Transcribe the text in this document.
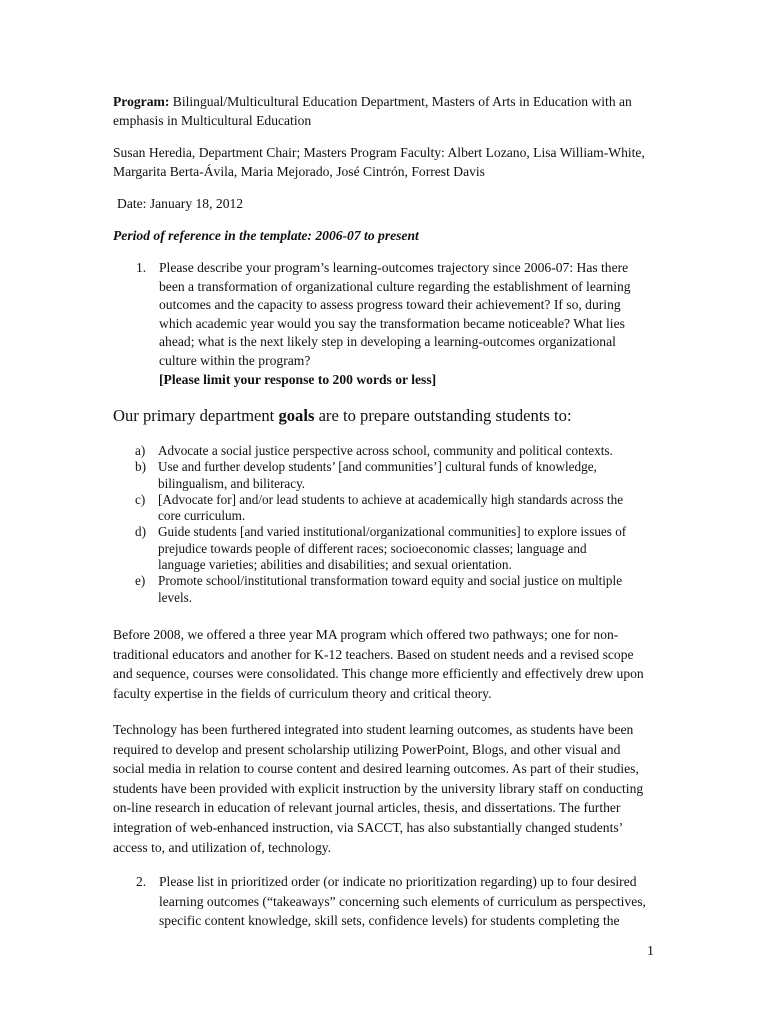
Program: Bilingual/Multicultural Education Department, Masters of Arts in Education with an
emphasis in Multicultural Education
Susan Heredia, Department Chair; Masters Program Faculty: Albert Lozano, Lisa William-White,
Margarita Berta-Ávila, Maria Mejorado, José Cintrón, Forrest Davis
Date: January 18, 2012
Period of reference in the template: 2006-07 to present
1. Please describe your program’s learning-outcomes trajectory since 2006-07: Has there
been a transformation of organizational culture regarding the establishment of learning
outcomes and the capacity to assess progress toward their achievement? If so, during
which academic year would you say the transformation became noticeable? What lies
ahead; what is the next likely step in developing a learning-outcomes organizational
culture within the program?
[Please limit your response to 200 words or less]
Our primary department goals are to prepare outstanding students to:
a) Advocate a social justice perspective across school, community and political contexts.
b) Use and further develop students’ [and communities’] cultural funds of knowledge,
bilingualism, and biliteracy.
c) [Advocate for] and/or lead students to achieve at academically high standards across the
core curriculum.
d) Guide students [and varied institutional/organizational communities] to explore issues of
prejudice towards people of different races; socioeconomic classes; language and
language varieties; abilities and disabilities; and sexual orientation.
e) Promote school/institutional transformation toward equity and social justice on multiple
levels.
Before 2008, we offered a three year MA program which offered two pathways; one for non-
traditional educators and another for K-12 teachers. Based on student needs and a revised scope
and sequence, courses were consolidated. This change more efficiently and effectively drew upon
faculty expertise in the fields of curriculum theory and critical theory.
Technology has been furthered integrated into student learning outcomes, as students have been
required to develop and present scholarship utilizing PowerPoint, Blogs, and other visual and
social media in relation to course content and desired learning outcomes. As part of their studies,
students have been provided with explicit instruction by the university library staff on conducting
on-line research in education of relevant journal articles, thesis, and dissertations. The further
integration of web-enhanced instruction, via SACCT, has also substantially changed students’
access to, and utilization of, technology.
2. Please list in prioritized order (or indicate no prioritization regarding) up to four desired
learning outcomes (“takeaways” concerning such elements of curriculum as perspectives,
specific content knowledge, skill sets, confidence levels) for students completing the
1
